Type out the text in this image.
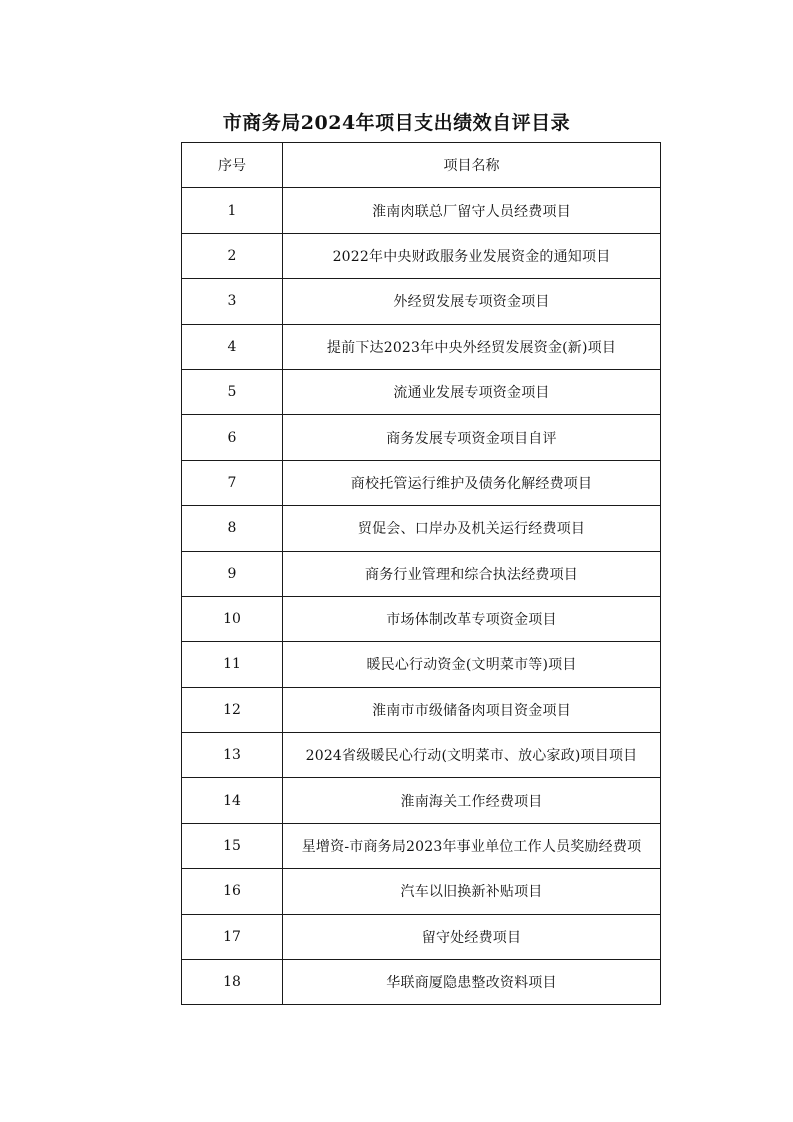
市商务局2024年项目支出绩效自评目录
序号	项目名称
1	淮南肉联总厂留守人员经费项目
2	2022年中央财政服务业发展资金的通知项目
3	外经贸发展专项资金项目
4	提前下达2023年中央外经贸发展资金(新)项目
5	流通业发展专项资金项目
6	商务发展专项资金项目自评
7	商校托管运行维护及债务化解经费项目
8	贸促会、口岸办及机关运行经费项目
9	商务行业管理和综合执法经费项目
10	市场体制改革专项资金项目
11	暖民心行动资金(文明菜市等)项目
12	淮南市市级储备肉项目资金项目
13	2024省级暖民心行动(文明菜市、放心家政)项目项目
14	淮南海关工作经费项目
15	星增资-市商务局2023年事业单位工作人员奖励经费项
16	汽车以旧换新补贴项目
17	留守处经费项目
18	华联商厦隐患整改资料项目
